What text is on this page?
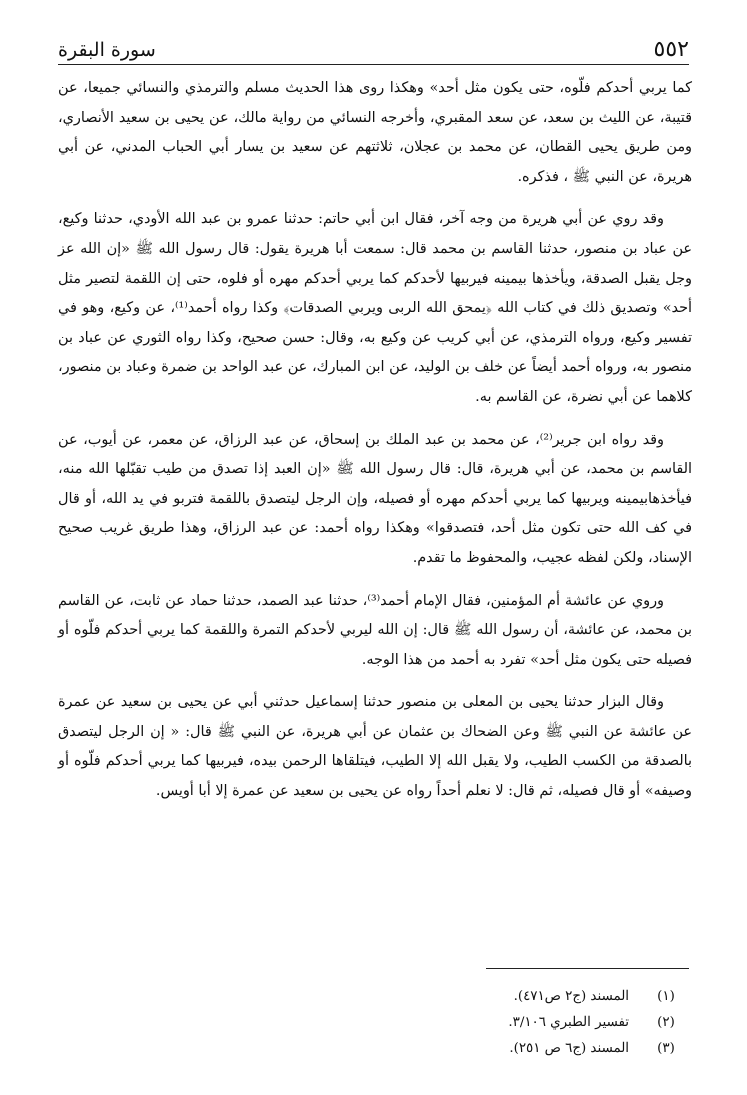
٥٥٢
سورة البقرة

كما يربي أحدكم فلّوه، حتى يكون مثل أحد» وهكذا روى هذا الحديث مسلم والترمذي والنسائي جميعا، عن قتيبة، عن الليث بن سعد، عن سعد المقبري، وأخرجه النسائي من رواية مالك، عن يحيى بن سعيد الأنصاري، ومن طريق يحيى القطان، عن محمد بن عجلان، ثلاثتهم عن سعيد بن يسار أبي الحباب المدني، عن أبي هريرة، عن النبي ﷺ ، فذكره.

وقد روي عن أبي هريرة من وجه آخر، فقال ابن أبي حاتم: حدثنا عمرو بن عبد الله الأودي، حدثنا وكيع، عن عباد بن منصور، حدثنا القاسم بن محمد قال: سمعت أبا هريرة يقول: قال رسول الله ﷺ «إن الله عز وجل يقبل الصدقة، ويأخذها بيمينه فيربيها لأحدكم كما يربي أحدكم مهره أو فلوه، حتى إن اللقمة لتصير مثل أحد» وتصديق ذلك في كتاب الله ﴿يمحق الله الربى ويربي الصدقات﴾ وكذا رواه أحمد⁽¹⁾، عن وكيع، وهو في تفسير وكيع، ورواه الترمذي، عن أبي كريب عن وكيع به، وقال: حسن صحيح، وكذا رواه الثوري عن عباد بن منصور به، ورواه أحمد أيضاً عن خلف بن الوليد، عن ابن المبارك، عن عبد الواحد بن ضمرة وعباد بن منصور، كلاهما عن أبي نضرة، عن القاسم به.

وقد رواه ابن جرير⁽²⁾، عن محمد بن عبد الملك بن إسحاق، عن عبد الرزاق، عن معمر، عن أيوب، عن القاسم بن محمد، عن أبي هريرة، قال: قال رسول الله ﷺ «إن العبد إذا تصدق من طيب تقبّلها الله منه، فيأخذهابيمينه ويربيها كما يربي أحدكم مهره أو فصيله، وإن الرجل ليتصدق باللقمة فتربو في يد الله، أو قال في كف الله حتى تكون مثل أحد، فتصدقوا» وهكذا رواه أحمد: عن عبد الرزاق، وهذا طريق غريب صحيح الإسناد، ولكن لفظه عجيب، والمحفوظ ما تقدم.

وروي عن عائشة أم المؤمنين، فقال الإمام أحمد⁽³⁾، حدثنا عبد الصمد، حدثنا حماد عن ثابت، عن القاسم بن محمد، عن عائشة، أن رسول الله ﷺ قال: إن الله ليربي لأحدكم التمرة واللقمة كما يربي أحدكم فلّوه أو فصيله حتى يكون مثل أحد» تفرد به أحمد من هذا الوجه.

وقال البزار حدثنا يحيى بن المعلى بن منصور حدثنا إسماعيل حدثني أبي عن يحيى بن سعيد عن عمرة عن عائشة عن النبي ﷺ وعن الضحاك بن عثمان عن أبي هريرة، عن النبي ﷺ قال: « إن الرجل ليتصدق بالصدقة من الكسب الطيب، ولا يقبل الله إلا الطيب، فيتلقاها الرحمن بيده، فيربيها كما يربي أحدكم فلّوه أو وصيفه» أو قال فصيله، ثم قال: لا نعلم أحداً رواه عن يحيى بن سعيد عن عمرة إلا أبا أويس.

(١)
المسند (ج٢ ص٤٧١).
(٢)
تفسير الطبري ٣/١٠٦.
(٣)
المسند (ج٦ ص ٢٥١).
